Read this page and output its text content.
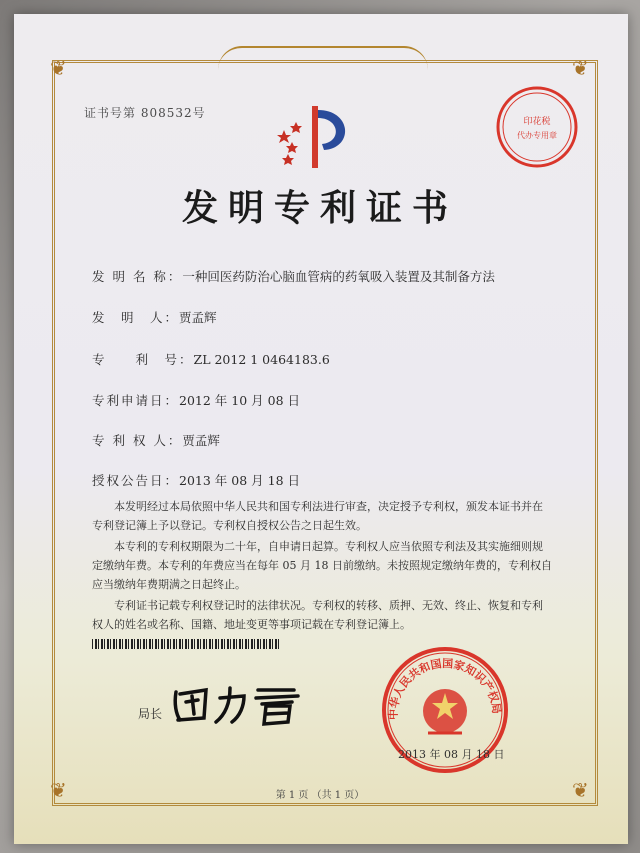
❦	❦
❦	❦
证书号第 808532号
发明专利证书
发 明 名 称：一种回医药防治心脑血管病的药氧吸入装置及其制备方法
发　明　人：贾孟辉
专　　利　号：ZL 2012 1 0464183.6
专利申请日：2012 年 10 月 08 日
专 利 权 人：贾孟辉
授权公告日：2013 年 08 月 18 日

本发明经过本局依照中华人民共和国专利法进行审查，决定授予专利权，颁发本证书并在专利登记簿上予以登记。专利权自授权公告之日起生效。

本专利的专利权期限为二十年，自申请日起算。专利权人应当依照专利法及其实施细则规定缴纳年费。本专利的年费应当在每年 05 月 18 日前缴纳。未按照规定缴纳年费的，专利权自应当缴纳年费期满之日起终止。

专利证书记载专利权登记时的法律状况。专利权的转移、质押、无效、终止、恢复和专利权人的姓名或名称、国籍、地址变更等事项记载在专利登记簿上。

局长	中华人民共和国国家知识产权局
2013 年 08 月 18 日
印花税
代办专用章
第 1 页 （共 1 页）
